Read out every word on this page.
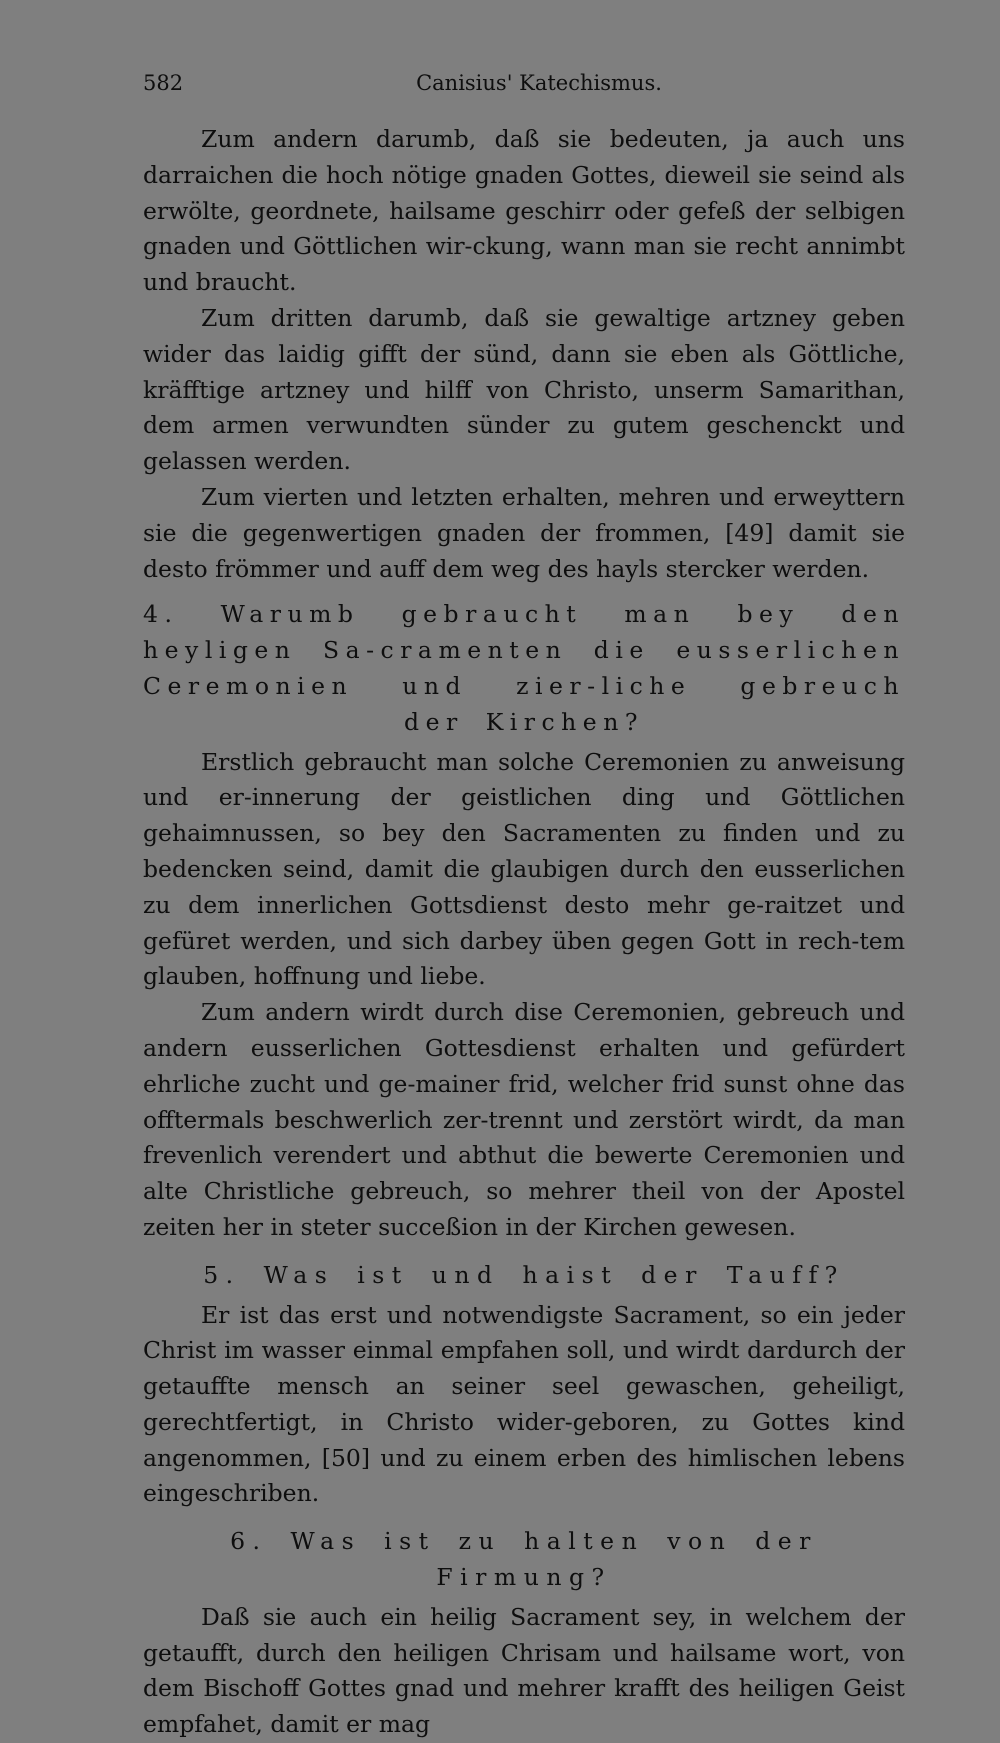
582	Canisius' Katechismus.

Zum andern darumb, daß sie bedeuten, ja auch uns darraichen die hoch nötige gnaden Gottes, dieweil sie seind als erwölte, geordnete, hailsame geschirr oder gefeß der selbigen gnaden und Göttlichen wir-ckung, wann man sie recht annimbt und braucht.

Zum dritten darumb, daß sie gewaltige artzney geben wider das laidig gifft der sünd, dann sie eben als Göttliche, kräfftige artzney und hilff von Christo, unserm Samarithan, dem armen verwundten sünder zu gutem geschenckt und gelassen werden.

Zum vierten und letzten erhalten, mehren und erweyttern sie die gegenwertigen gnaden der frommen, [49] damit sie desto frömmer und auff dem weg des hayls stercker werden.

4. Warumb gebraucht man bey den heyligen Sa-cramenten die eusserlichen Ceremonien und zier-liche gebreuch der Kirchen?

Erstlich gebraucht man solche Ceremonien zu anweisung und er-innerung der geistlichen ding und Göttlichen gehaimnussen, so bey den Sacramenten zu finden und zu bedencken seind, damit die glaubigen durch den eusserlichen zu dem innerlichen Gottsdienst desto mehr ge-raitzet und gefüret werden, und sich darbey üben gegen Gott in rech-tem glauben, hoffnung und liebe.

Zum andern wirdt durch dise Ceremonien, gebreuch und andern eusserlichen Gottesdienst erhalten und gefürdert ehrliche zucht und ge-mainer frid, welcher frid sunst ohne das offtermals beschwerlich zer-trennt und zerstört wirdt, da man frevenlich verendert und abthut die bewerte Ceremonien und alte Christliche gebreuch, so mehrer theil von der Apostel zeiten her in steter succeßion in der Kirchen gewesen.

5. Was ist und haist der Tauff?

Er ist das erst und notwendigste Sacrament, so ein jeder Christ im wasser einmal empfahen soll, und wirdt dardurch der getauffte mensch an seiner seel gewaschen, geheiligt, gerechtfertigt, in Christo wider-geboren, zu Gottes kind angenommen, [50] und zu einem erben des himlischen lebens eingeschriben.

6. Was ist zu halten von der Firmung?

Daß sie auch ein heilig Sacrament sey, in welchem der getaufft, durch den heiligen Chrisam und hailsame wort, von dem Bischoff Gottes gnad und mehrer krafft des heiligen Geist empfahet, damit er mag
